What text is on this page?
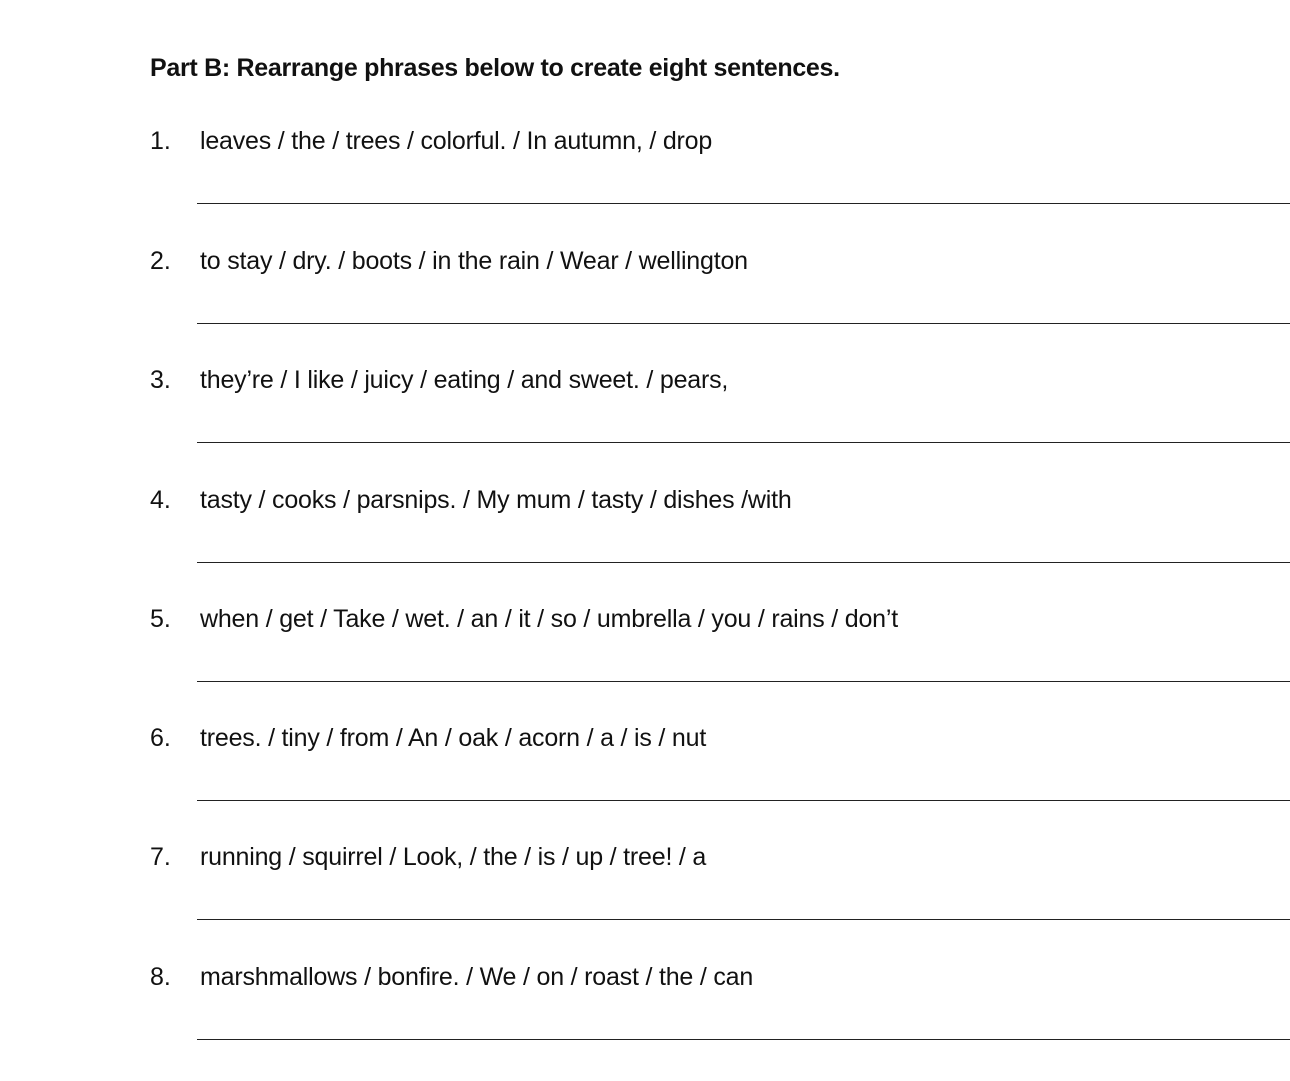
Part B: Rearrange phrases below to create eight sentences.
1. leaves / the / trees / colorful. / In autumn, / drop
2. to stay / dry. / boots / in the rain / Wear / wellington
3. they’re / I like / juicy / eating / and sweet. / pears,
4. tasty / cooks / parsnips. / My mum / tasty / dishes /with
5. when / get / Take / wet. / an / it / so / umbrella / you / rains / don’t
6. trees. / tiny / from / An / oak / acorn / a / is / nut
7. running / squirrel / Look, / the / is / up / tree! / a
8. marshmallows / bonfire. / We / on / roast / the / can
